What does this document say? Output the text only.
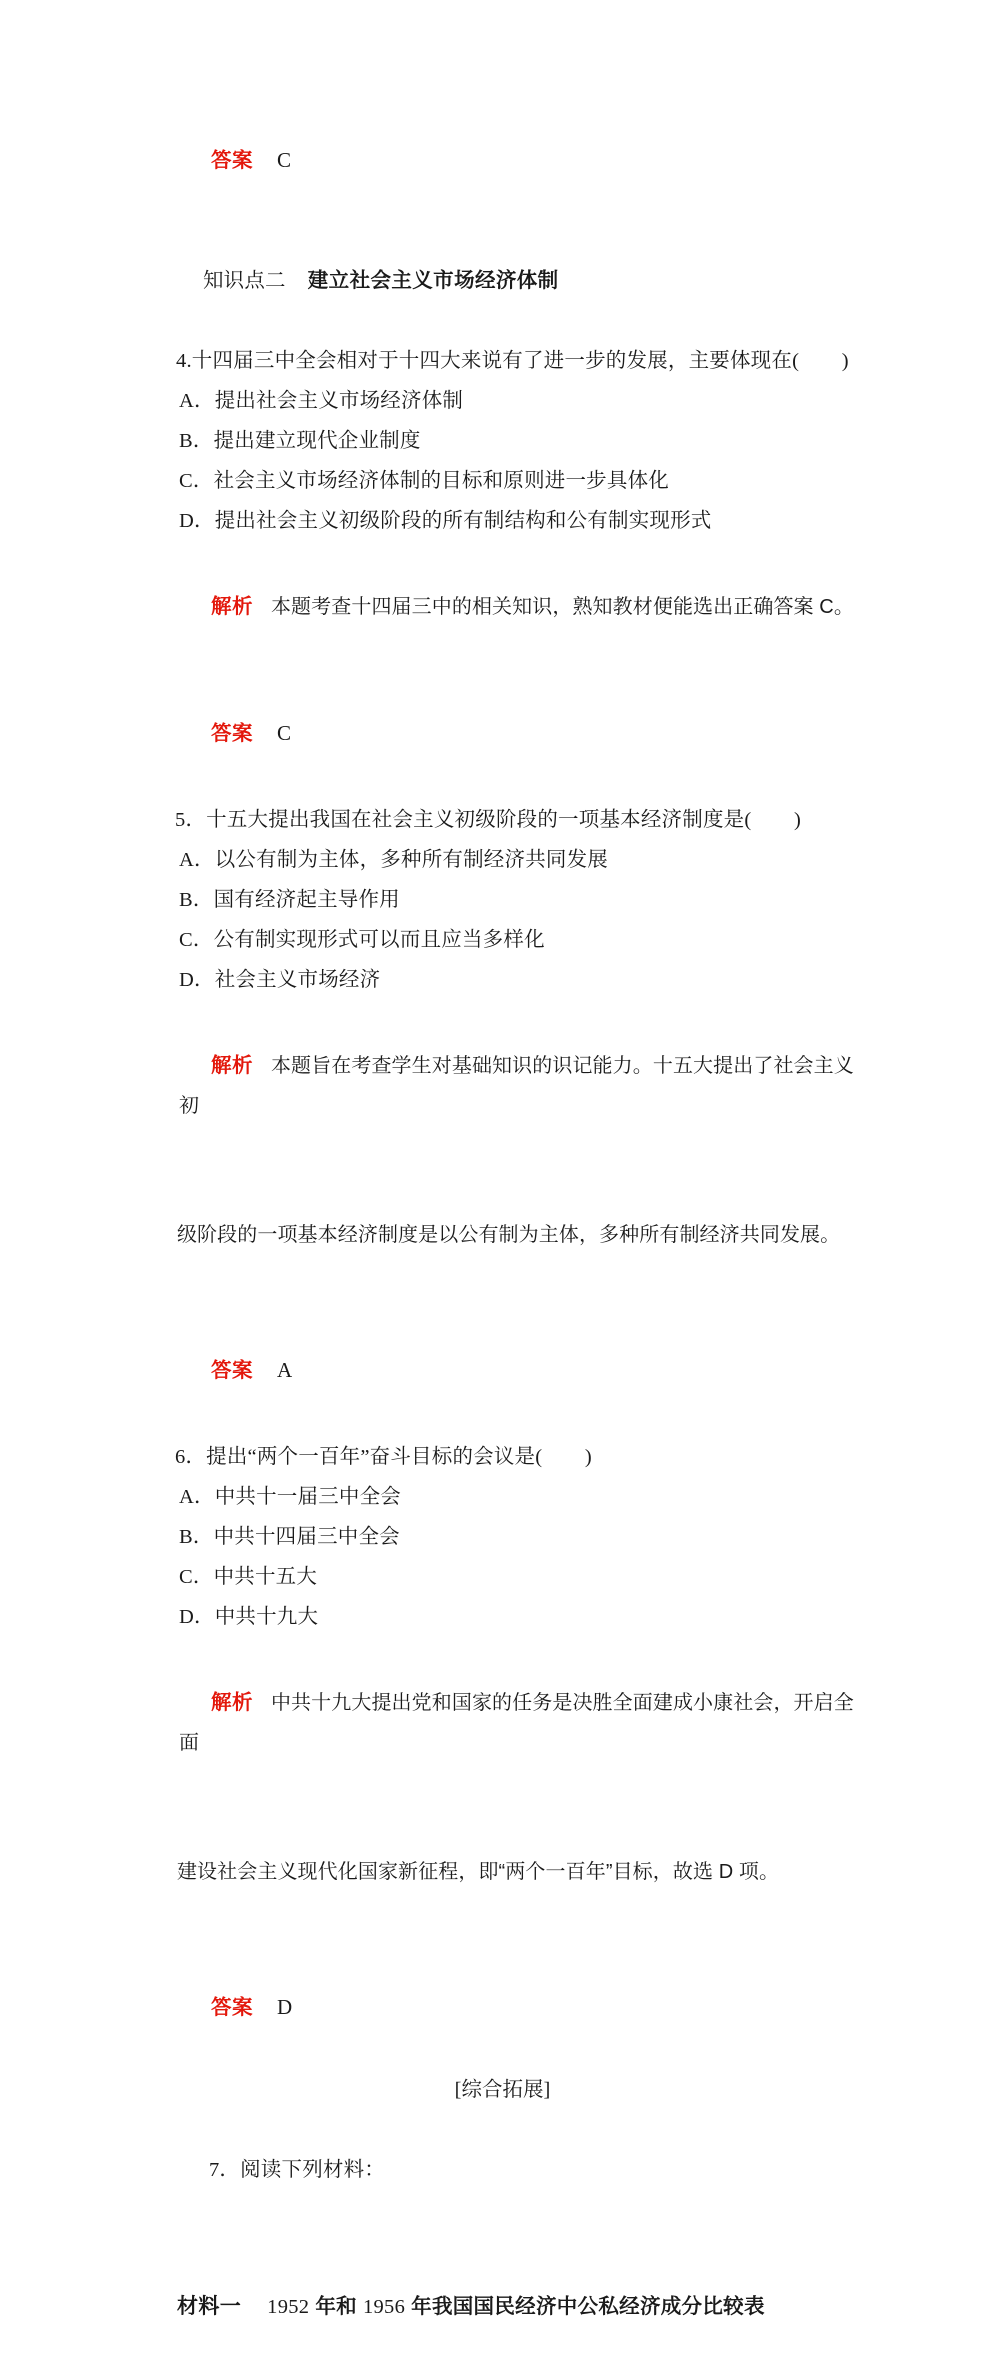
答案 C

知识点二 建立社会主义市场经济体制

4.十四届三中全会相对于十四大来说有了进一步的发展，主要体现在(        )
A．提出社会主义市场经济体制
B．提出建立现代企业制度
C．社会主义市场经济体制的目标和原则进一步具体化
D．提出社会主义初级阶段的所有制结构和公有制实现形式

解析 本题考查十四届三中的相关知识，熟知教材便能选出正确答案 C。

答案 C

5．十五大提出我国在社会主义初级阶段的一项基本经济制度是(        )
A．以公有制为主体，多种所有制经济共同发展
B．国有经济起主导作用
C．公有制实现形式可以而且应当多样化
D．社会主义市场经济

解析 本题旨在考查学生对基础知识的识记能力。十五大提出了社会主义初

级阶段的一项基本经济制度是以公有制为主体，多种所有制经济共同发展。

答案 A

6．提出“两个一百年”奋斗目标的会议是(        )
A．中共十一届三中全会
B．中共十四届三中全会
C．中共十五大
D．中共十九大

解析 中共十九大提出党和国家的任务是决胜全面建成小康社会，开启全面

建设社会主义现代化国家新征程，即“两个一百年”目标，故选 D 项。

答案 D

[综合拓展]

7．阅读下列材料：

材料一 1952 年和 1956 年我国国民经济中公私经济成分比较表
